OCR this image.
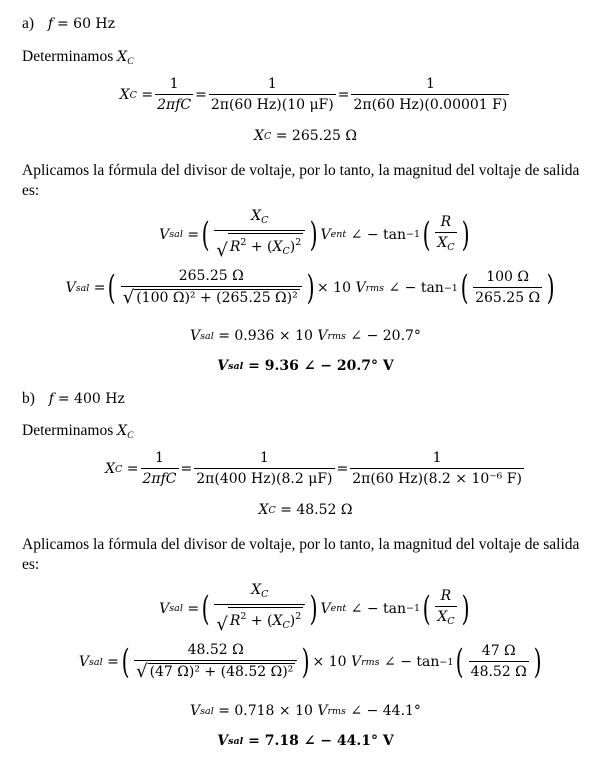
a) f = 60 Hz
Determinamos $X_C$
X $C = \frac{1}{\text{2πfC}} = \frac{1}{2\pi(60 Hz)(10 \mu F)} = \frac{1}{2\pi(60 Hz)(0.00001 F)}$
X C
= 265.25 Ω
Aplicamos la fórmula del divisor de voltaje, por lo tanto, la magnitud del voltaje de salida
es:
V sal = ( $\frac{X_C}{√ R^2 + (X_C)^2}$ ) V ent
∠ − tan −1 ( $\frac{R}{X_C}$ )
V sal = ( $\frac{265.25 \Omega}{\text{√ (100 Ω)² + (265.25 Ω)²}}$ ) × 10
V rms
∠ − tan −1 ( $\frac{100 \Omega}{265.25 \Omega}$ )
V sal
= 0.936 × 10
V rms
∠ − 20.7°
V sal
= 9.36 ∠ − 20.7° V
b) f = 400 Hz
Determinamos $X_C$
X $C = \frac{1}{\text{2πfC}} = \frac{1}{2\pi(400 Hz)(8.2 \mu F)} = \frac{1}{\text{2π(60 Hz)(8.2 × 10⁻⁶ F)}}$
X C
= 48.52 Ω
Aplicamos la fórmula del divisor de voltaje, por lo tanto, la magnitud del voltaje de salida
es:
V sal = ( $\frac{X_C}{√ R^2 + (X_C)^2}$ ) V ent
∠ − tan −1 ( $\frac{R}{X_C}$ )
V sal = ( $\frac{48.52 \Omega}{\text{√ (47 Ω)² + (48.52 Ω)²}}$ ) × 10
V rms
∠ − tan −1 ( $\frac{47 \Omega}{48.52 \Omega}$ )
V sal
= 0.718 × 10
V rms
∠ − 44.1°
V sal
= 7.18 ∠ − 44.1° V
